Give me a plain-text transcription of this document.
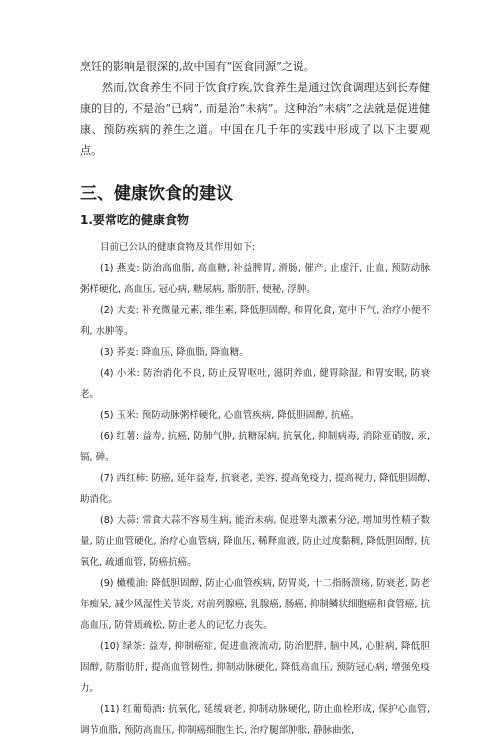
烹饪的影响是很深的,故中国有“医食同源”之说。

然而,饮食养生不同于饮食疗疾,饮食养生是通过饮食调理达到长寿健康的目的, 不是治“已病”, 而是治“未病”。这种治“未病”之法就是促进健康、预防疾病的养生之道。中国在几千年的实践中形成了以下主要观点。

三、健康饮食的建议
1.要常吃的健康食物

目前已公认的健康食物及其作用如下:

(1) 燕麦: 防治高血脂, 高血糖, 补益脾胃, 滑肠, 催产, 止虚汗, 止血, 预防动脉粥样硬化, 高血压, 冠心病, 糖尿病, 脂肪肝, 便秘, 浮肿。

(2) 大麦: 补充微量元素, 维生素, 降低胆固醇, 和胃化食, 宽中下气, 治疗小便不利, 水肿等。

(3) 荞麦: 降血压, 降血脂, 降血糖。

(4) 小米: 防治消化不良, 防止反胃呕吐, 滋阴养血, 健胃除湿, 和胃安眠, 防衰老。

(5) 玉米: 预防动脉粥样硬化, 心血管疾病, 降低胆固醇, 抗癌。

(6) 红薯: 益寿, 抗癌, 防肺气肿, 抗糖尿病, 抗氧化, 抑制病毒, 消除亚硝胺, 汞, 镉, 砷。

(7) 西红柿: 防癌, 延年益寿, 抗衰老, 美容, 提高免疫力, 提高视力, 降低胆固醇, 助消化。

(8) 大蒜: 常食大蒜不容易生病, 能治未病, 促进睾丸激素分泌, 增加男性精子数量, 防止血管硬化, 治疗心血管病, 降血压, 稀释血液, 防止过度黏稠, 降低胆固醇, 抗氧化, 疏通血管, 防癌抗癌。

(9) 橄榄油: 降低胆固醇, 防止心血管疾病, 防胃炎, 十二指肠溃疡, 防衰老, 防老年痴呆, 减少风湿性关节炎, 对前列腺癌, 乳腺癌, 肠癌, 抑制鳞状细胞癌和食管癌, 抗高血压, 防骨质疏松, 防止老人的记忆力丧失。

(10) 绿茶: 益寿, 抑制癌症, 促进血液流动, 防治肥胖, 脑中风, 心脏病, 降低胆固醇, 防脂肪肝, 提高血管韧性, 抑制动脉硬化, 降低高血压, 预防冠心病, 增强免疫力。

(11) 红葡萄酒: 抗氧化, 延缓衰老, 抑制动脉硬化, 防止血栓形成, 保护心血管, 调节血脂, 预防高血压, 抑制癌细胞生长, 治疗腿部肿胀, 静脉曲张,
